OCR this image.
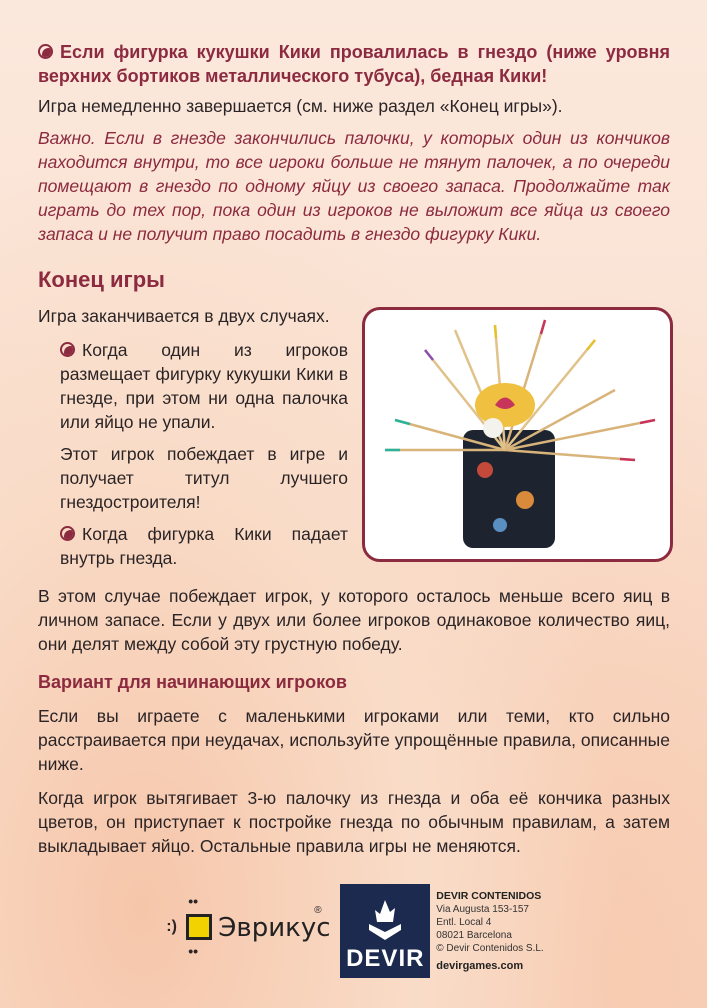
Если фигурка кукушки Кики провалилась в гнездо (ниже уровня верхних бортиков металлического тубуса), бедная Кики!

Игра немедленно завершается (см. ниже раздел «Конец игры»).

Важно. Если в гнезде закончились палочки, у которых один из кончиков находится внутри, то все игроки больше не тянут палочек, а по очереди помещают в гнездо по одному яйцу из своего запаса. Продолжайте так играть до тех пор, пока один из игроков не выложит все яйца из своего запаса и не получит право посадить в гнездо фигурку Кики.

Конец игры

Игра заканчивается в двух случаях.

Когда один из игроков размещает фигурку кукушки Кики в гнезде, при этом ни одна палочка или яйцо не упали.

Этот игрок побеждает в игре и получает титул лучшего гнездостроителя!

Когда фигурка Кики падает внутрь гнезда.

В этом случае побеждает игрок, у которого осталось меньше всего яиц в личном запасе. Если у двух или более игроков одинаковое количество яиц, они делят между собой эту грустную победу.

Вариант для начинающих игроков

Если вы играете с маленькими игроками или теми, кто сильно расстраивается при неудачах, используйте упрощённые правила, описанные ниже.

Когда игрок вытягивает 3-ю палочку из гнезда и оба её кончика разных цветов, он приступает к постройке гнезда по обычным правилам, а затем выкладывает яйцо. Остальные правила игры не меняются.

:)
••
••
Эврикус
®
DEVIR
DEVIR CONTENIDOS
Via Augusta 153-157
Entl. Local 4
08021 Barcelona
© Devir Contenidos S.L.
devirgames.com
